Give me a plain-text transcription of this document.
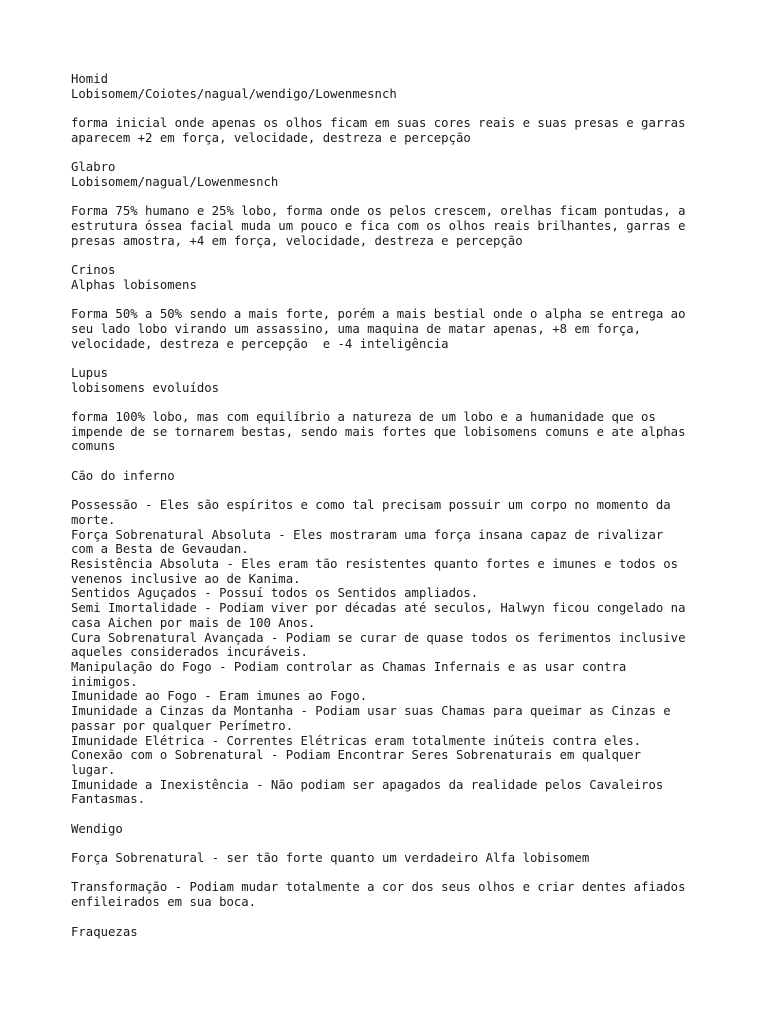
Homid
Lobisomem/Coiotes/nagual/wendigo/Lowenmesnch
forma inicial onde apenas os olhos ficam em suas cores reais e suas presas e garras
aparecem +2 em força, velocidade, destreza e percepção
Glabro
Lobisomem/nagual/Lowenmesnch
Forma 75% humano e 25% lobo, forma onde os pelos crescem, orelhas ficam pontudas, a
estrutura óssea facial muda um pouco e fica com os olhos reais brilhantes, garras e
presas amostra, +4 em força, velocidade, destreza e percepção
Crinos
Alphas lobisomens
Forma 50% a 50% sendo a mais forte, porém a mais bestial onde o alpha se entrega ao
seu lado lobo virando um assassino, uma maquina de matar apenas, +8 em força,
velocidade, destreza e percepção  e -4 inteligência
Lupus
lobisomens evoluídos
forma 100% lobo, mas com equilíbrio a natureza de um lobo e a humanidade que os
impende de se tornarem bestas, sendo mais fortes que lobisomens comuns e ate alphas
comuns
Cão do inferno
Possessão - Eles são espíritos e como tal precisam possuir um corpo no momento da
morte.
Força Sobrenatural Absoluta - Eles mostraram uma força insana capaz de rivalizar
com a Besta de Gevaudan.
Resistência Absoluta - Eles eram tão resistentes quanto fortes e imunes e todos os
venenos inclusive ao de Kanima.
Sentidos Aguçados - Possuí todos os Sentidos ampliados.
Semi Imortalidade - Podiam viver por décadas até seculos, Halwyn ficou congelado na
casa Aichen por mais de 100 Anos.
Cura Sobrenatural Avançada - Podiam se curar de quase todos os ferimentos inclusive
aqueles considerados incuráveis.
Manipulação do Fogo - Podiam controlar as Chamas Infernais e as usar contra
inimigos.
Imunidade ao Fogo - Eram imunes ao Fogo.
Imunidade a Cinzas da Montanha - Podiam usar suas Chamas para queimar as Cinzas e
passar por qualquer Perímetro.
Imunidade Elétrica - Correntes Elétricas eram totalmente inúteis contra eles.
Conexão com o Sobrenatural - Podiam Encontrar Seres Sobrenaturais em qualquer
lugar.
Imunidade a Inexistência - Não podiam ser apagados da realidade pelos Cavaleiros
Fantasmas.
Wendigo
Força Sobrenatural - ser tão forte quanto um verdadeiro Alfa lobisomem
Transformação - Podiam mudar totalmente a cor dos seus olhos e criar dentes afiados
enfileirados em sua boca.
Fraquezas
